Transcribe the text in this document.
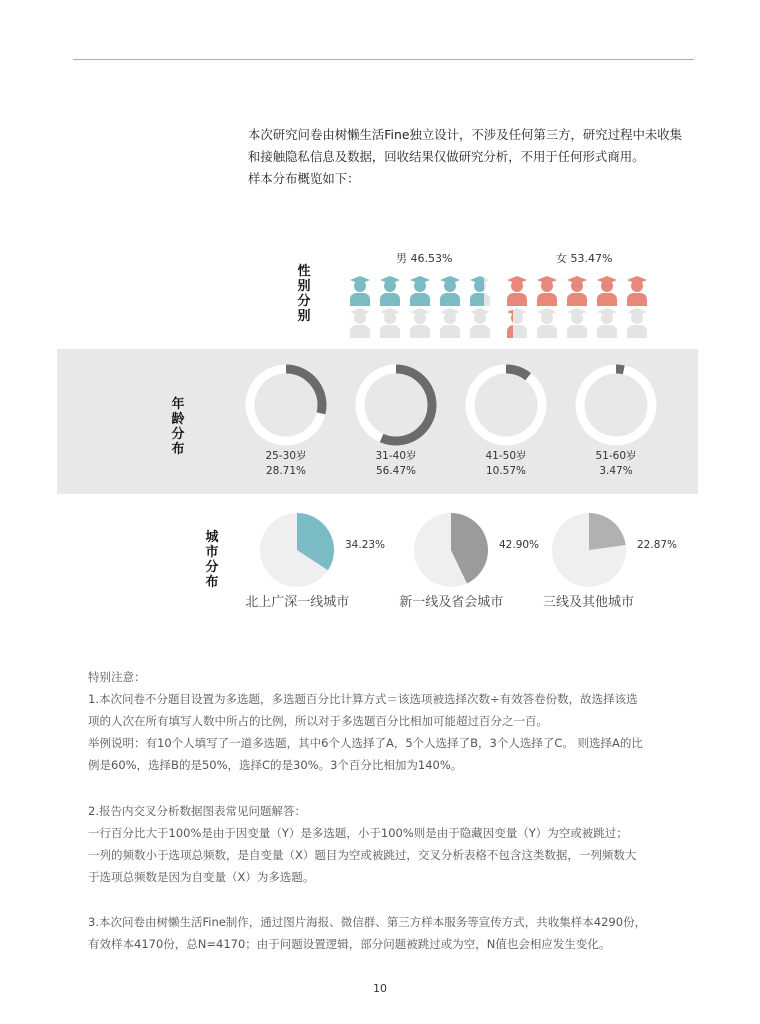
本次研究问卷由树懒生活Fine独立设计，不涉及任何第三方，研究过程中未收集

和接触隐私信息及数据，回收结果仅做研究分析，不用于任何形式商用。

样本分布概览如下：

性
别
分
别
男 46.53%	女 53.47%
年
龄
分
布	25-30岁
28.71%
31-40岁
56.47%
41-50岁
10.57%
51-60岁
3.47%
城
市
分
布
34.23%
北上广深一线城市
42.90%
新一线及省会城市
22.87%
三线及其他城市

特别注意：

1.本次问卷不分题目设置为多选题，多选题百分比计算方式＝该选项被选择次数÷有效答卷份数，故选择该选

项的人次在所有填写人数中所占的比例，所以对于多选题百分比相加可能超过百分之一百。

举例说明：有10个人填写了一道多选题，其中6个人选择了A，5个人选择了B，3个人选择了C。 则选择A的比

例是60%，选择B的是50%，选择C的是30%。3个百分比相加为140%。

2.报告内交叉分析数据图表常见问题解答：

一行百分比大于100%是由于因变量（Y）是多选题，小于100%则是由于隐藏因变量（Y）为空或被跳过；

一列的频数小于选项总频数，是自变量（X）题目为空或被跳过，交叉分析表格不包含这类数据，一列频数大

于选项总频数是因为自变量（X）为多选题。

3.本次问卷由树懒生活Fine制作，通过图片海报、微信群、第三方样本服务等宣传方式，共收集样本4290份，

有效样本4170份，总N=4170；由于问题设置逻辑，部分问题被跳过或为空，N值也会相应发生变化。

10
